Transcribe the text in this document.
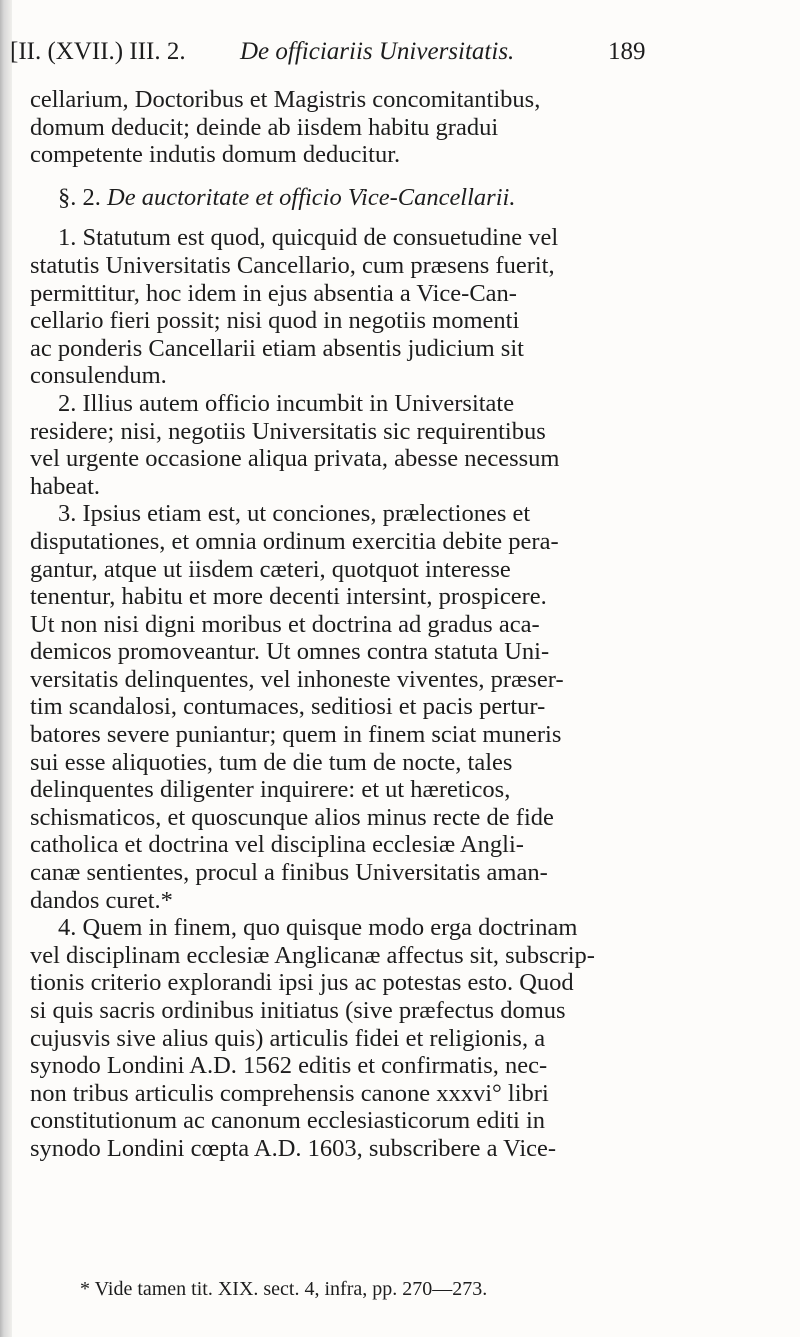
[II. (XVII.) III. 2. De officiariis Universitatis.	189
cellarium, Doctoribus et Magistris concomitantibus,
domum deducit; deinde ab iisdem habitu gradui
competente indutis domum deducitur.
§. 2. De auctoritate et officio Vice-Cancellarii.
1. Statutum est quod, quicquid de consuetudine vel
statutis Universitatis Cancellario, cum præsens fuerit,
permittitur, hoc idem in ejus absentia a Vice-Can-
cellario fieri possit; nisi quod in negotiis momenti
ac ponderis Cancellarii etiam absentis judicium sit
consulendum.
2. Illius autem officio incumbit in Universitate
residere; nisi, negotiis Universitatis sic requirentibus
vel urgente occasione aliqua privata, abesse necessum
habeat.
3. Ipsius etiam est, ut conciones, prælectiones et
disputationes, et omnia ordinum exercitia debite pera-
gantur, atque ut iisdem cæteri, quotquot interesse
tenentur, habitu et more decenti intersint, prospicere.
Ut non nisi digni moribus et doctrina ad gradus aca-
demicos promoveantur. Ut omnes contra statuta Uni-
versitatis delinquentes, vel inhoneste viventes, præser-
tim scandalosi, contumaces, seditiosi et pacis pertur-
batores severe puniantur; quem in finem sciat muneris
sui esse aliquoties, tum de die tum de nocte, tales
delinquentes diligenter inquirere: et ut hæreticos,
schismaticos, et quoscunque alios minus recte de fide
catholica et doctrina vel disciplina ecclesiæ Angli-
canæ sentientes, procul a finibus Universitatis aman-
dandos curet.*
4. Quem in finem, quo quisque modo erga doctrinam
vel disciplinam ecclesiæ Anglicanæ affectus sit, subscrip-
tionis criterio explorandi ipsi jus ac potestas esto. Quod
si quis sacris ordinibus initiatus (sive præfectus domus
cujusvis sive alius quis) articulis fidei et religionis, a
synodo Londini A.D. 1562 editis et confirmatis, nec-
non tribus articulis comprehensis canone xxxvi° libri
constitutionum ac canonum ecclesiasticorum editi in
synodo Londini cœpta A.D. 1603, subscribere a Vice-
* Vide tamen tit. XIX. sect. 4, infra, pp. 270—273.
